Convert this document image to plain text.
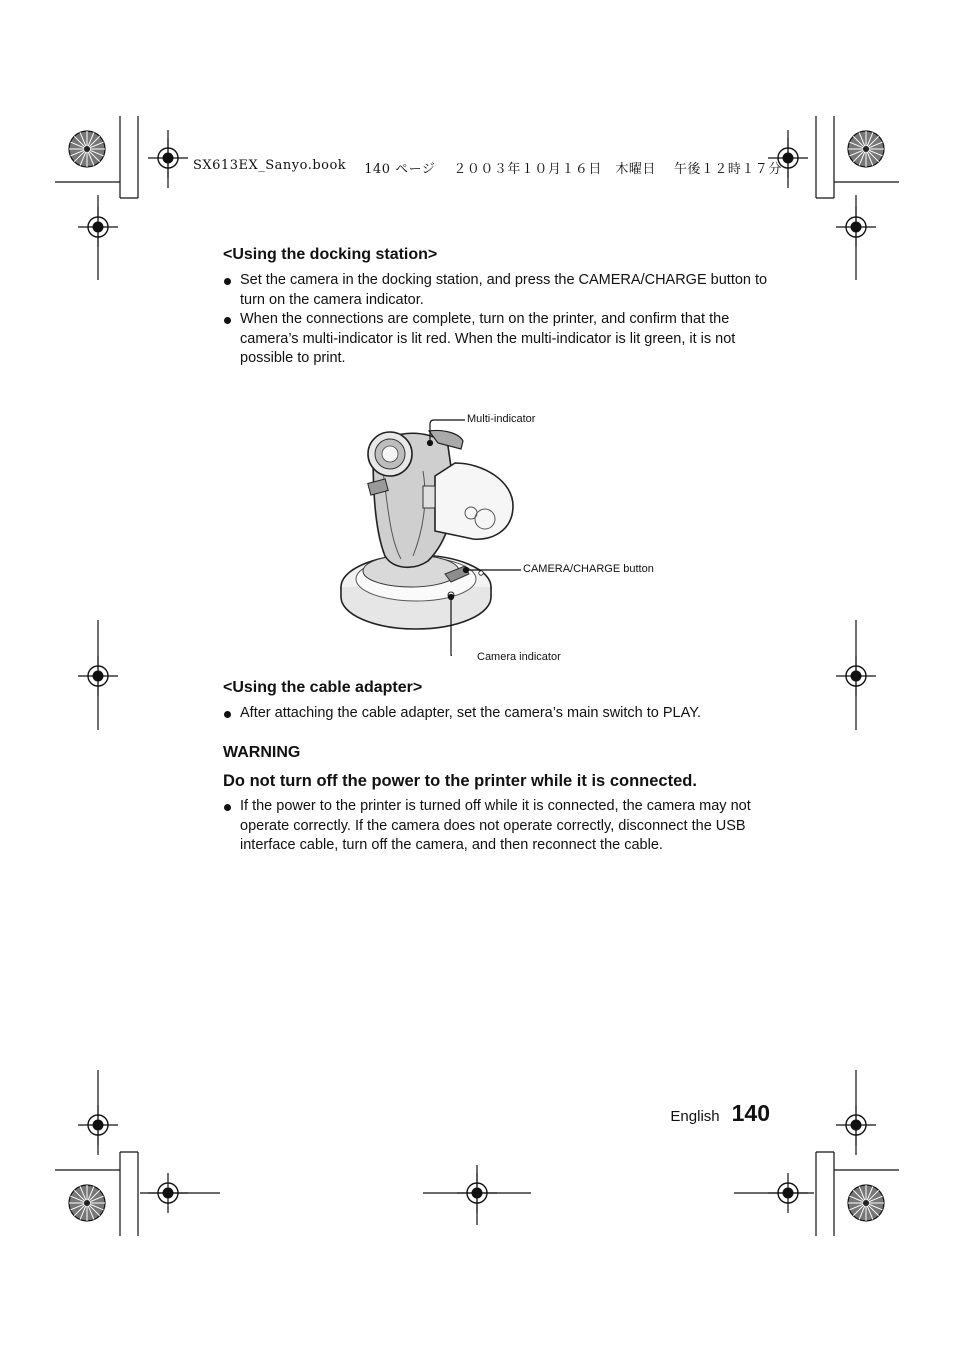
SX613EX_Sanyo.book 140 ページ ２００３年１０月１６日　木曜日 午後１２時１７分
<Using the docking station>
Set the camera in the docking station, and press the CAMERA/CHARGE button to turn on the camera indicator.
When the connections are complete, turn on the printer, and confirm that the camera’s multi-indicator is lit red. When the multi-indicator is lit green, it is not possible to print.
Multi-indicator
CAMERA/CHARGE button
Camera indicator
<Using the cable adapter>
After attaching the cable adapter, set the camera’s main switch to PLAY.
WARNING
Do not turn off the power to the printer while it is connected.
If the power to the printer is turned off while it is connected, the camera may not operate correctly. If the camera does not operate correctly, disconnect the USB interface cable, turn off the camera, and then reconnect the cable.
English 140
